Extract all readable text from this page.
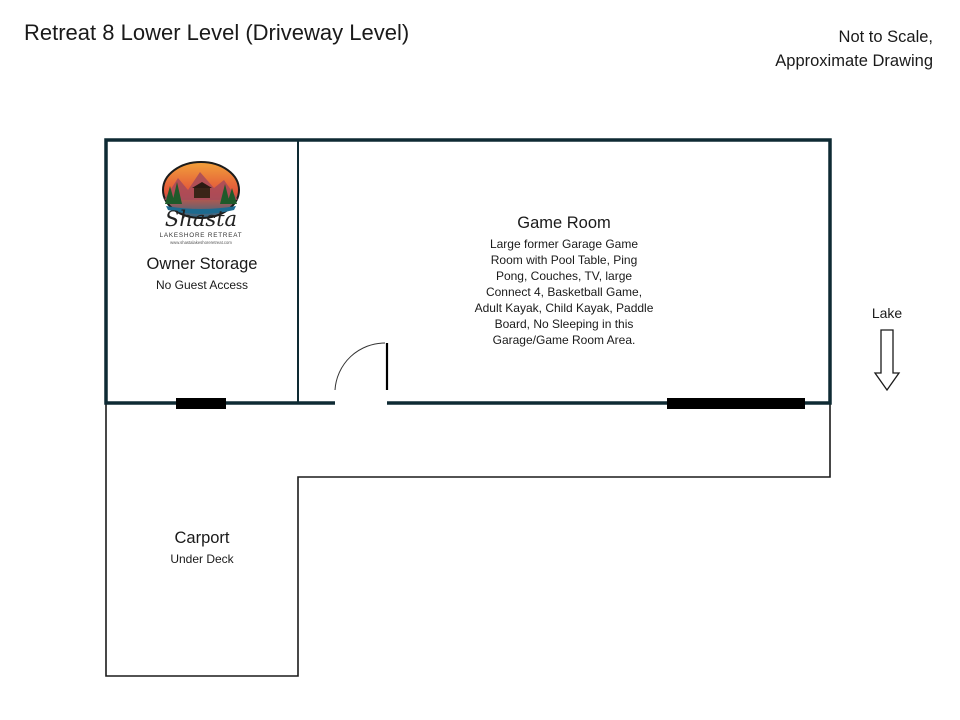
Retreat 8 Lower Level (Driveway Level)	Not to Scale,
Approximate Drawing
Shasta
LAKESHORE RETREAT
www.shastalakeshoreretreat.com
Owner Storage
No Guest Access
Game Room
Large former Garage Game
Room with Pool Table, Ping
Pong, Couches, TV, large
Connect 4, Basketball Game,
Adult Kayak, Child Kayak, Paddle
Board, No Sleeping in this
Garage/Game Room Area.
Carport
Under Deck
Lake
